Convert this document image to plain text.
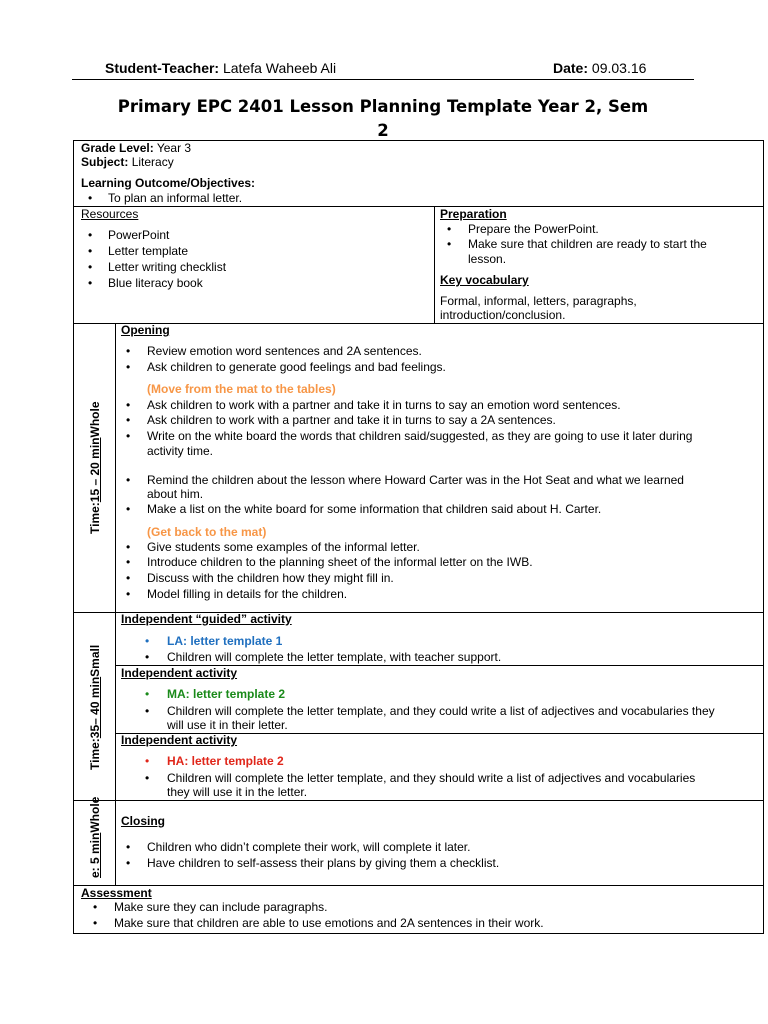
Student-Teacher: Latefa Waheeb Ali	Date: 09.03.16
Primary EPC 2401 Lesson Planning Template Year 2, Sem
2
Grade Level: Year 3
Subject: Literacy
Learning Outcome/Objectives:
• To plan an informal letter.
Resources
• PowerPoint
• Letter template
• Letter writing checklist
• Blue literacy book
Preparation
• Prepare the PowerPoint.
• Make sure that children are ready to start the
lesson.
Key vocabulary
Formal, informal, letters, paragraphs,
introduction/conclusion.
Time:15 – 20 minWhole
Opening
• Review emotion word sentences and 2A sentences.
• Ask children to generate good feelings and bad feelings.
(Move from the mat to the tables)
• Ask children to work with a partner and take it in turns to say an emotion word sentences.
• Ask children to work with a partner and take it in turns to say a 2A sentences.
• Write on the white board the words that children said/suggested, as they are going to use it later during
activity time.
• Remind the children about the lesson where Howard Carter was in the Hot Seat and what we learned
about him.
• Make a list on the white board for some information that children said about H. Carter.
(Get back to the mat)
• Give students some examples of the informal letter.
• Introduce children to the planning sheet of the informal letter on the IWB.
• Discuss with the children how they might fill in.
• Model filling in details for the children.
Time:35– 40 minSmall
Independent “guided” activity
• LA: letter template 1
• Children will complete the letter template, with teacher support.
Independent activity
• MA: letter template 2
• Children will complete the letter template, and they could write a list of adjectives and vocabularies they
will use it in their letter.
Independent activity
• HA: letter template 2
• Children will complete the letter template, and they should write a list of adjectives and vocabularies
they will use it in the letter.
e: 5 minWhole Closing
• Children who didn’t complete their work, will complete it later.
• Have children to self-assess their plans by giving them a checklist.
Assessment
• Make sure they can include paragraphs.
• Make sure that children are able to use emotions and 2A sentences in their work.
